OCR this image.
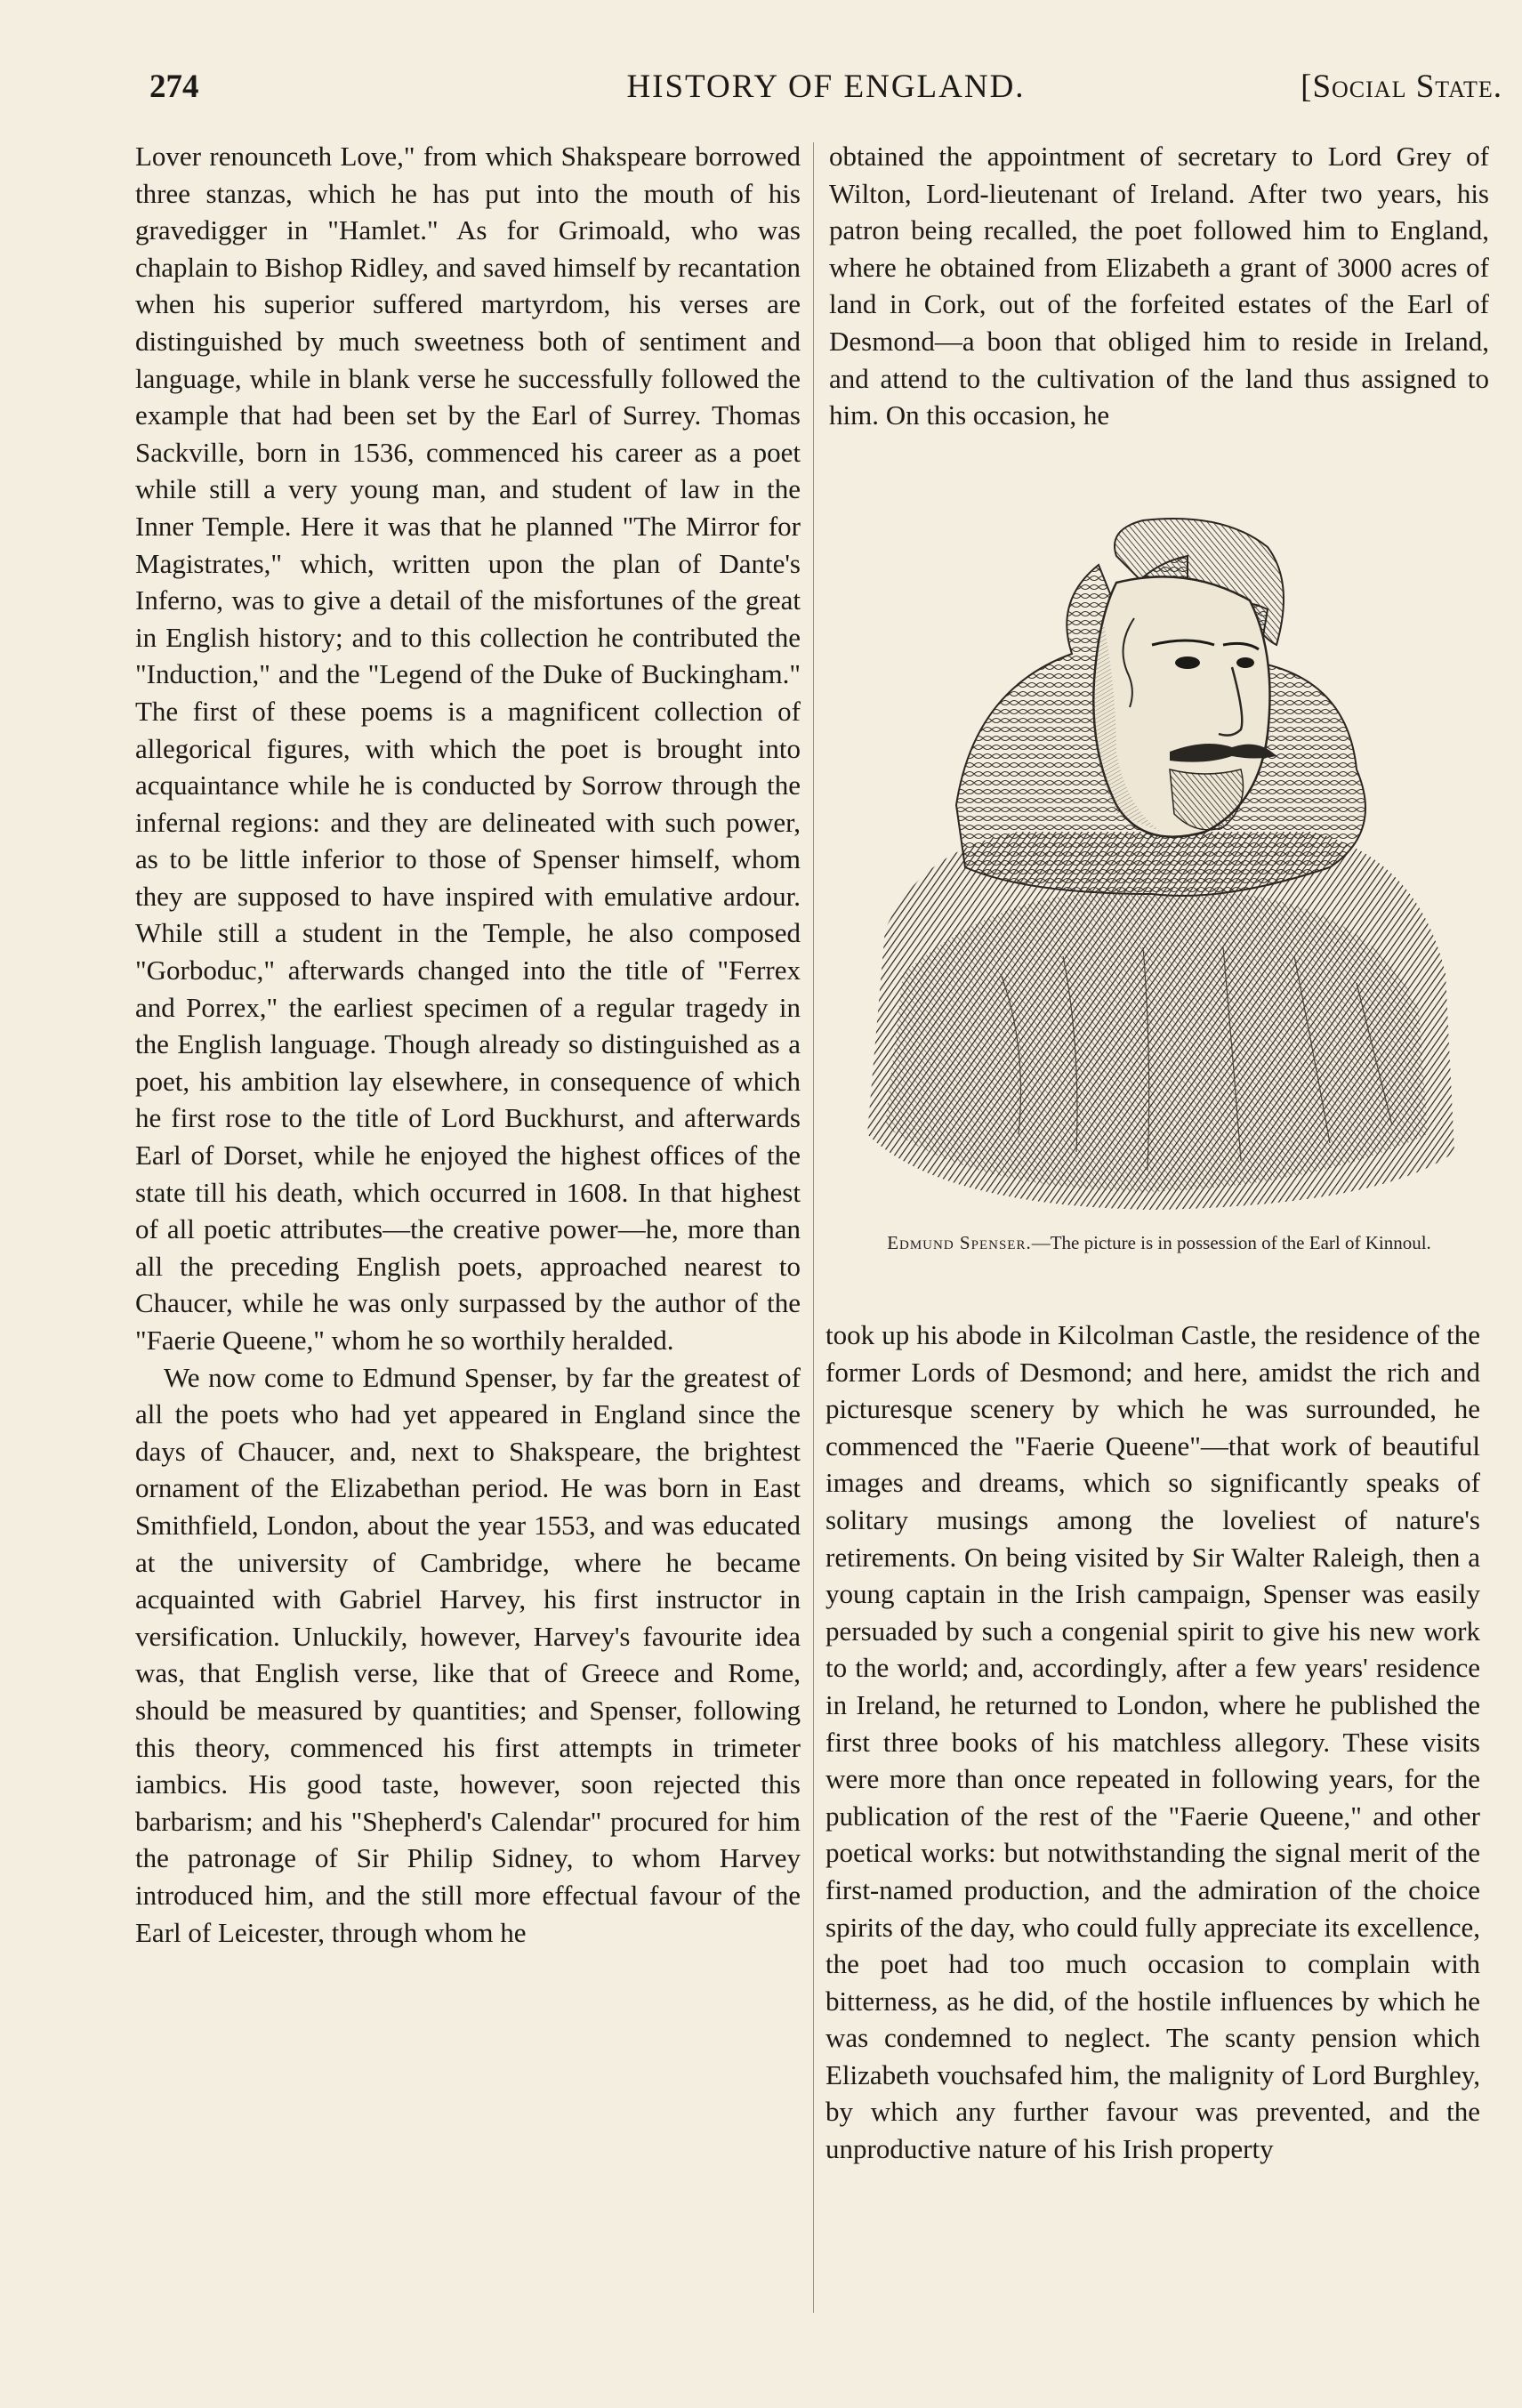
274	HISTORY OF ENGLAND.	[Social State.

Lover renounceth Love," from which Shakspeare borrowed three stanzas, which he has put into the mouth of his gravedigger in "Hamlet." As for Grimoald, who was chaplain to Bishop Ridley, and saved himself by recantation when his superior suffered martyrdom, his verses are distinguished by much sweetness both of sentiment and language, while in blank verse he successfully followed the example that had been set by the Earl of Surrey. Thomas Sackville, born in 1536, commenced his career as a poet while still a very young man, and student of law in the Inner Temple. Here it was that he planned "The Mirror for Magistrates," which, written upon the plan of Dante's Inferno, was to give a detail of the misfortunes of the great in English history; and to this collection he contributed the "Induction," and the "Legend of the Duke of Buckingham." The first of these poems is a magnificent collection of allegorical figures, with which the poet is brought into acquaintance while he is conducted by Sorrow through the infernal regions: and they are delineated with such power, as to be little inferior to those of Spenser himself, whom they are supposed to have inspired with emulative ardour. While still a student in the Temple, he also composed "Gorboduc," afterwards changed into the title of "Ferrex and Porrex," the earliest specimen of a regular tragedy in the English language. Though already so distinguished as a poet, his ambition lay elsewhere, in consequence of which he first rose to the title of Lord Buckhurst, and afterwards Earl of Dorset, while he enjoyed the highest offices of the state till his death, which occurred in 1608. In that highest of all poetic attributes—the creative power—he, more than all the preceding English poets, approached nearest to Chaucer, while he was only surpassed by the author of the "Faerie Queene," whom he so worthily heralded.

We now come to Edmund Spenser, by far the greatest of all the poets who had yet appeared in England since the days of Chaucer, and, next to Shakspeare, the brightest ornament of the Elizabethan period. He was born in East Smithfield, London, about the year 1553, and was educated at the university of Cambridge, where he became acquainted with Gabriel Harvey, his first instructor in versification. Unluckily, however, Harvey's favourite idea was, that English verse, like that of Greece and Rome, should be measured by quantities; and Spenser, following this theory, commenced his first attempts in trimeter iambics. His good taste, however, soon rejected this barbarism; and his "Shepherd's Calendar" procured for him the patronage of Sir Philip Sidney, to whom Harvey introduced him, and the still more effectual favour of the Earl of Leicester, through whom he

obtained the appointment of secretary to Lord Grey of Wilton, Lord-lieutenant of Ireland. After two years, his patron being recalled, the poet followed him to England, where he obtained from Elizabeth a grant of 3000 acres of land in Cork, out of the forfeited estates of the Earl of Desmond—a boon that obliged him to reside in Ireland, and attend to the cultivation of the land thus assigned to him. On this occasion, he

Edmund Spenser.—The picture is in possession of the Earl of Kinnoul.

took up his abode in Kilcolman Castle, the residence of the former Lords of Desmond; and here, amidst the rich and picturesque scenery by which he was surrounded, he commenced the "Faerie Queene"—that work of beautiful images and dreams, which so significantly speaks of solitary musings among the loveliest of nature's retirements. On being visited by Sir Walter Raleigh, then a young captain in the Irish campaign, Spenser was easily persuaded by such a congenial spirit to give his new work to the world; and, accordingly, after a few years' residence in Ireland, he returned to London, where he published the first three books of his matchless allegory. These visits were more than once repeated in following years, for the publication of the rest of the "Faerie Queene," and other poetical works: but notwithstanding the signal merit of the first-named production, and the admiration of the choice spirits of the day, who could fully appreciate its excellence, the poet had too much occasion to complain with bitterness, as he did, of the hostile influences by which he was condemned to neglect. The scanty pension which Elizabeth vouchsafed him, the malignity of Lord Burghley, by which any further favour was prevented, and the unproductive nature of his Irish property
